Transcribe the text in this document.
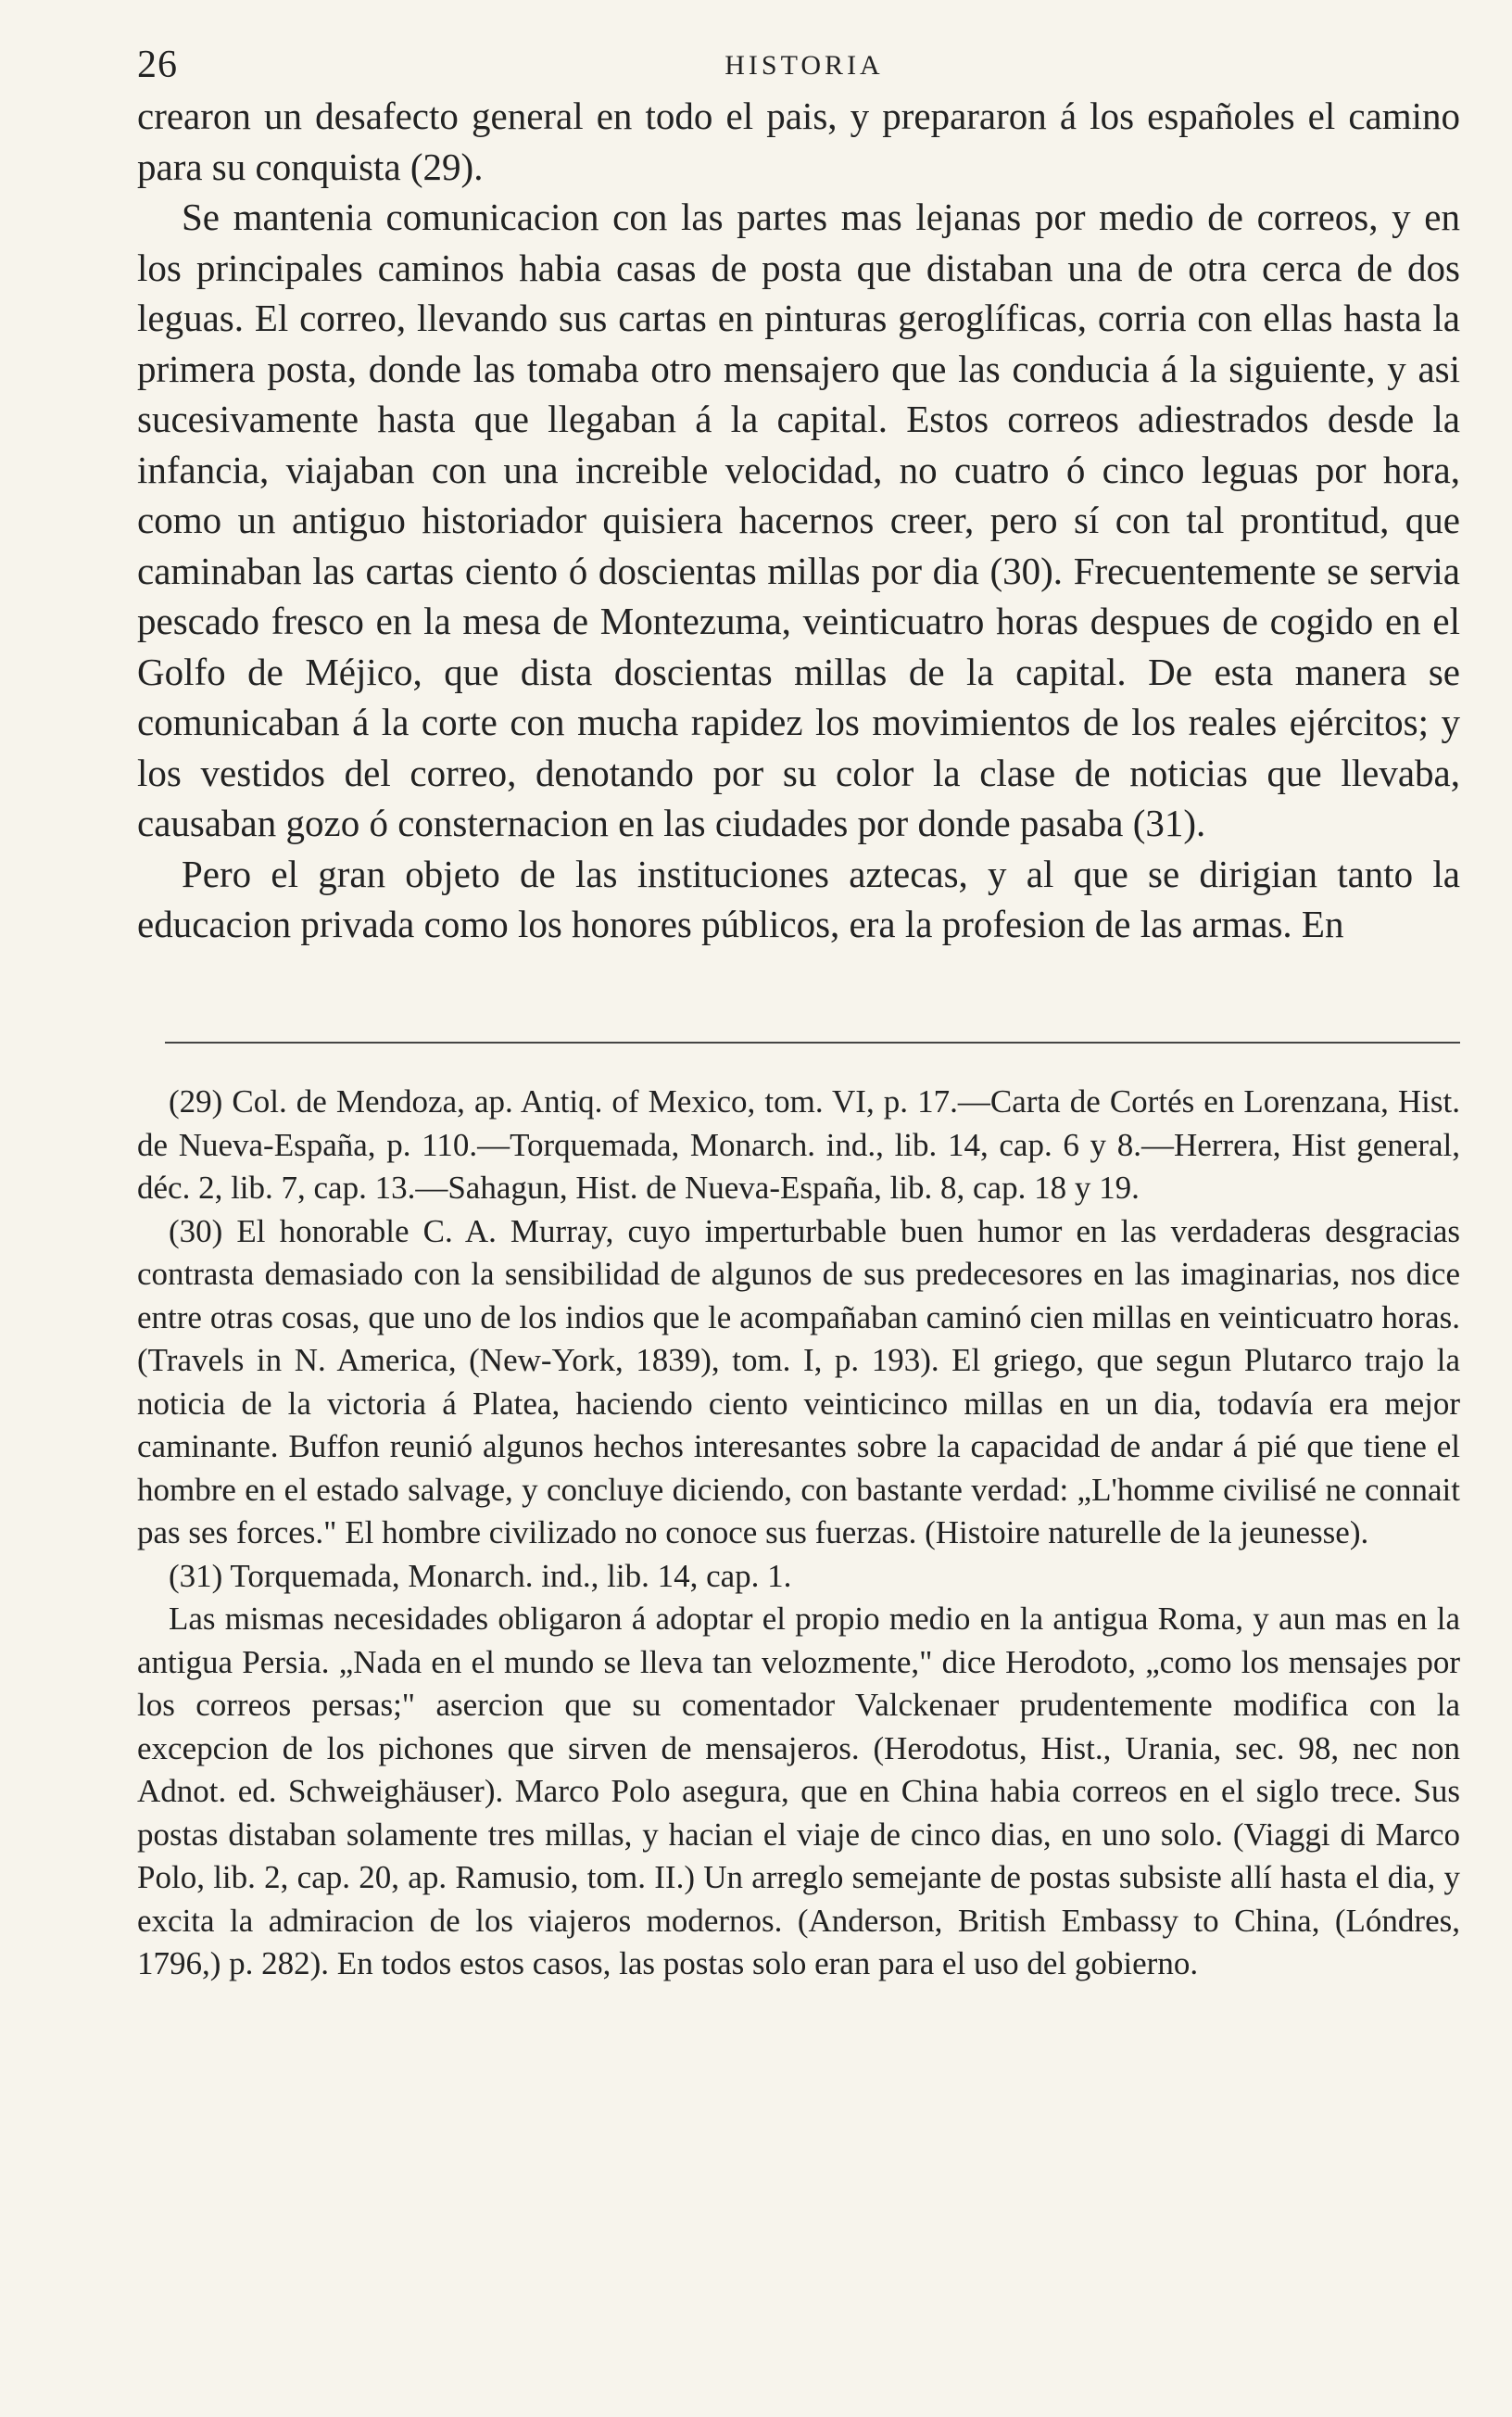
26	HISTORIA

crearon un desafecto general en todo el pais, y prepararon á los españoles el camino para su conquista (29).

Se mantenia comunicacion con las partes mas lejanas por medio de correos, y en los principales caminos habia casas de posta que distaban una de otra cerca de dos leguas. El correo, llevando sus cartas en pinturas geroglíficas, corria con ellas hasta la primera posta, donde las tomaba otro mensajero que las conducia á la siguiente, y asi sucesivamente hasta que llegaban á la capital. Estos correos adiestrados desde la infancia, viajaban con una increible velocidad, no cuatro ó cinco leguas por hora, como un antiguo historiador quisiera hacernos creer, pero sí con tal prontitud, que caminaban las cartas ciento ó doscientas millas por dia (30). Frecuentemente se servia pescado fresco en la mesa de Montezuma, veinticuatro horas despues de cogido en el Golfo de Méjico, que dista doscientas millas de la capital. De esta manera se comunicaban á la corte con mucha rapidez los movimientos de los reales ejércitos; y los vestidos del correo, denotando por su color la clase de noticias que llevaba, causaban gozo ó consternacion en las ciudades por donde pasaba (31).

Pero el gran objeto de las instituciones aztecas, y al que se dirigian tanto la educacion privada como los honores públicos, era la profesion de las armas. En

(29) Col. de Mendoza, ap. Antiq. of Mexico, tom. VI, p. 17.—Carta de Cortés en Lorenzana, Hist. de Nueva-España, p. 110.—Torquemada, Monarch. ind., lib. 14, cap. 6 y 8.—Herrera, Hist general, déc. 2, lib. 7, cap. 13.—Sahagun, Hist. de Nueva-España, lib. 8, cap. 18 y 19.

(30) El honorable C. A. Murray, cuyo imperturbable buen humor en las verdaderas desgracias contrasta demasiado con la sensibilidad de algunos de sus predecesores en las imaginarias, nos dice entre otras cosas, que uno de los indios que le acompañaban caminó cien millas en veinticuatro horas. (Travels in N. America, (New-York, 1839), tom. I, p. 193). El griego, que segun Plutarco trajo la noticia de la victoria á Platea, haciendo ciento veinticinco millas en un dia, todavía era mejor caminante. Buffon reunió algunos hechos interesantes sobre la capacidad de andar á pié que tiene el hombre en el estado salvage, y concluye diciendo, con bastante verdad: „L'homme civilisé ne connait pas ses forces." El hombre civilizado no conoce sus fuerzas. (Histoire naturelle de la jeunesse).

(31) Torquemada, Monarch. ind., lib. 14, cap. 1.

Las mismas necesidades obligaron á adoptar el propio medio en la antigua Roma, y aun mas en la antigua Persia. „Nada en el mundo se lleva tan velozmente," dice Herodoto, „como los mensajes por los correos persas;" asercion que su comentador Valckenaer prudentemente modifica con la excepcion de los pichones que sirven de mensajeros. (Herodotus, Hist., Urania, sec. 98, nec non Adnot. ed. Schweighäuser). Marco Polo asegura, que en China habia correos en el siglo trece. Sus postas distaban solamente tres millas, y hacian el viaje de cinco dias, en uno solo. (Viaggi di Marco Polo, lib. 2, cap. 20, ap. Ramusio, tom. II.) Un arreglo semejante de postas subsiste allí hasta el dia, y excita la admiracion de los viajeros modernos. (Anderson, British Embassy to China, (Lóndres, 1796,) p. 282). En todos estos casos, las postas solo eran para el uso del gobierno.
